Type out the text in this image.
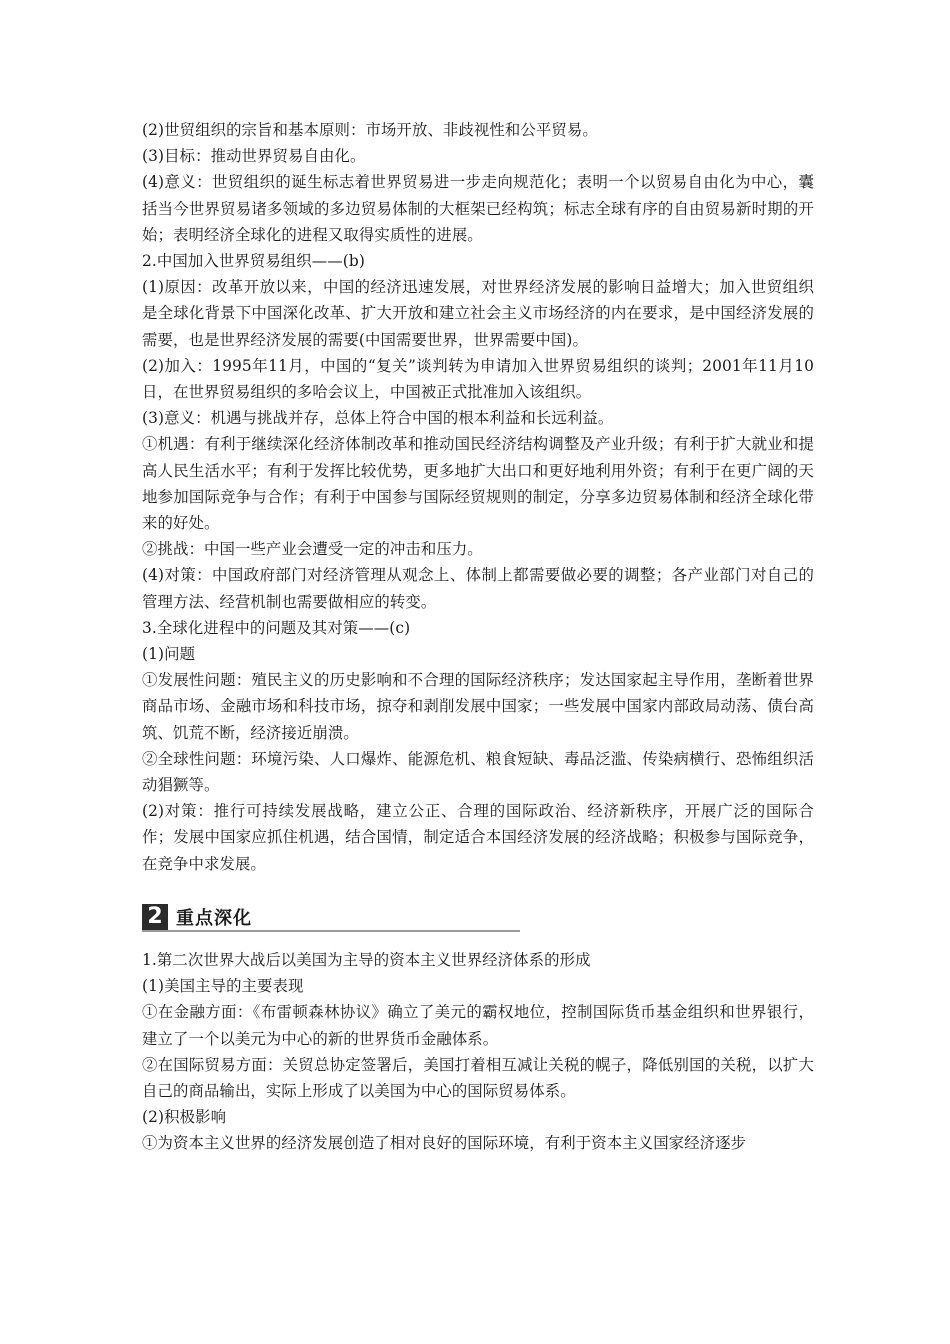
(2)世贸组织的宗旨和基本原则：市场开放、非歧视性和公平贸易。

(3)目标：推动世界贸易自由化。

(4)意义：世贸组织的诞生标志着世界贸易进一步走向规范化；表明一个以贸易自由化为中心，囊括当今世界贸易诸多领域的多边贸易体制的大框架已经构筑；标志全球有序的自由贸易新时期的开始；表明经济全球化的进程又取得实质性的进展。

2.中国加入世界贸易组织——(b)

(1)原因：改革开放以来，中国的经济迅速发展，对世界经济发展的影响日益增大；加入世贸组织是全球化背景下中国深化改革、扩大开放和建立社会主义市场经济的内在要求，是中国经济发展的需要，也是世界经济发展的需要(中国需要世界，世界需要中国)。

(2)加入：1995年11月，中国的“复关”谈判转为申请加入世界贸易组织的谈判；2001年11月10日，在世界贸易组织的多哈会议上，中国被正式批准加入该组织。

(3)意义：机遇与挑战并存，总体上符合中国的根本利益和长远利益。

①机遇：有利于继续深化经济体制改革和推动国民经济结构调整及产业升级；有利于扩大就业和提高人民生活水平；有利于发挥比较优势，更多地扩大出口和更好地利用外资；有利于在更广阔的天地参加国际竞争与合作；有利于中国参与国际经贸规则的制定，分享多边贸易体制和经济全球化带来的好处。

②挑战：中国一些产业会遭受一定的冲击和压力。

(4)对策：中国政府部门对经济管理从观念上、体制上都需要做必要的调整；各产业部门对自己的管理方法、经营机制也需要做相应的转变。

3.全球化进程中的问题及其对策——(c)

(1)问题

①发展性问题：殖民主义的历史影响和不合理的国际经济秩序；发达国家起主导作用，垄断着世界商品市场、金融市场和科技市场，掠夺和剥削发展中国家；一些发展中国家内部政局动荡、债台高筑、饥荒不断，经济接近崩溃。

②全球性问题：环境污染、人口爆炸、能源危机、粮食短缺、毒品泛滥、传染病横行、恐怖组织活动猖獗等。

(2)对策：推行可持续发展战略，建立公正、合理的国际政治、经济新秩序，开展广泛的国际合作；发展中国家应抓住机遇，结合国情，制定适合本国经济发展的经济战略；积极参与国际竞争，在竞争中求发展。

2 重点深化

1.第二次世界大战后以美国为主导的资本主义世界经济体系的形成

(1)美国主导的主要表现

①在金融方面：《布雷顿森林协议》确立了美元的霸权地位，控制国际货币基金组织和世界银行，建立了一个以美元为中心的新的世界货币金融体系。

②在国际贸易方面：关贸总协定签署后，美国打着相互减让关税的幌子，降低别国的关税，以扩大自己的商品输出，实际上形成了以美国为中心的国际贸易体系。

(2)积极影响

①为资本主义世界的经济发展创造了相对良好的国际环境，有利于资本主义国家经济逐步
